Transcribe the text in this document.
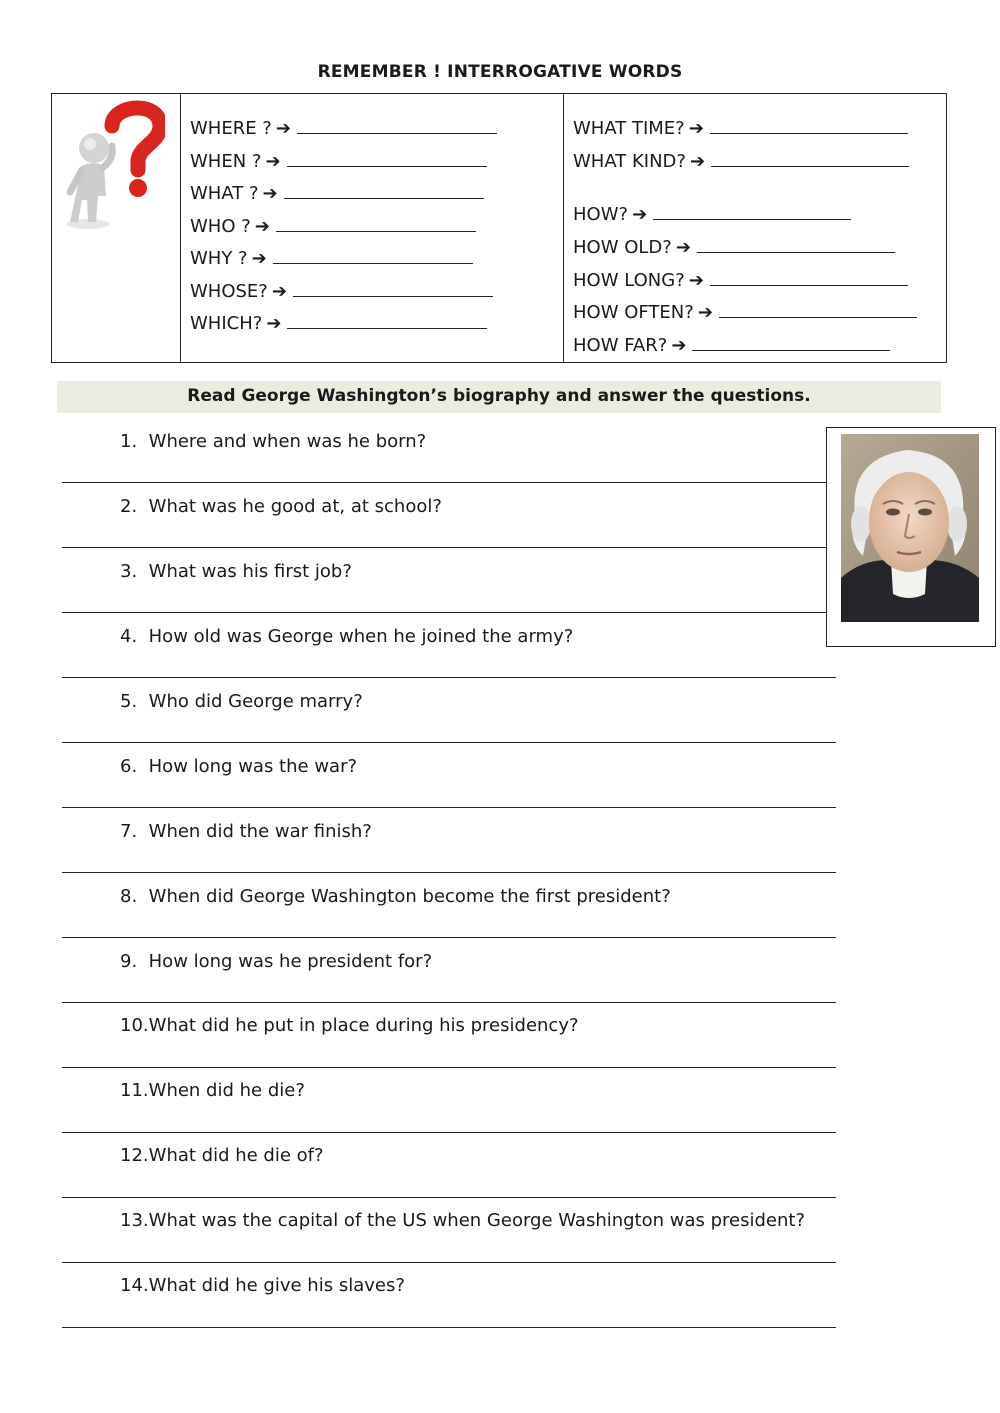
REMEMBER ! INTERROGATIVE WORDS
WHERE ? ➔
WHEN ? ➔
WHAT ? ➔
WHO ? ➔
WHY ? ➔
WHOSE? ➔
WHICH? ➔
WHAT TIME? ➔
WHAT KIND? ➔
HOW? ➔
HOW OLD? ➔
HOW LONG? ➔
HOW OFTEN? ➔
HOW FAR? ➔
Read George Washington’s biography and answer the questions.
1. Where and when was he born?
2. What was he good at, at school?
3. What was his first job?
4. How old was George when he joined the army?
5. Who did George marry?
6. How long was the war?
7. When did the war finish?
8. When did George Washington become the first president?
9. How long was he president for?
10.What did he put in place during his presidency?
11.When did he die?
12.What did he die of?
13.What was the capital of the US when George Washington was president?
14.What did he give his slaves?
